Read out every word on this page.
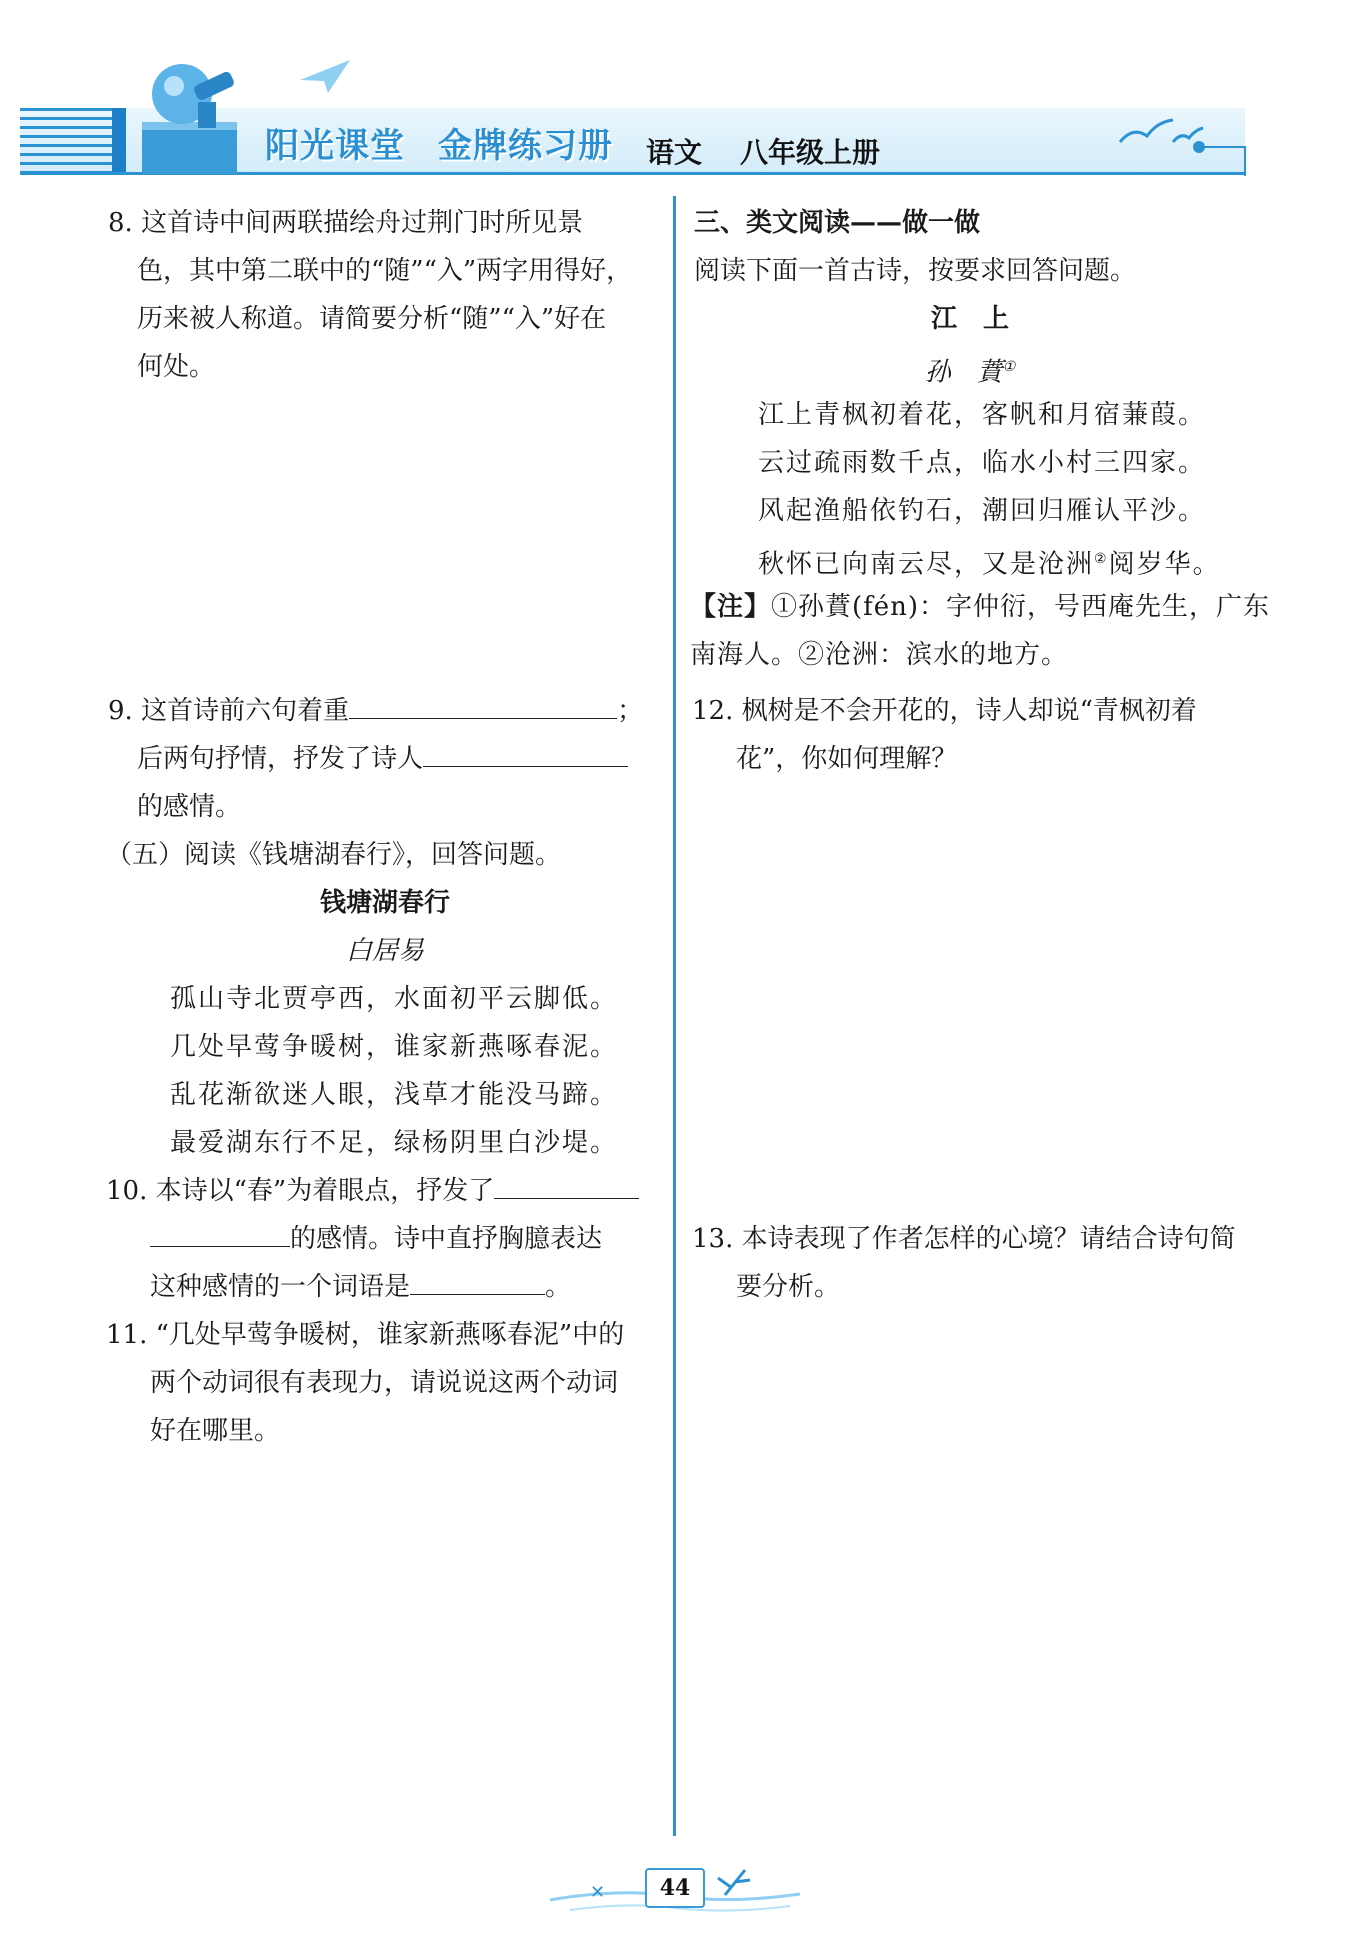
阳光课堂 金牌练习册 语文 八年级上册
8. 这首诗中间两联描绘舟过荆门时所见景
色，其中第二联中的“随”“入”两字用得好，
历来被人称道。请简要分析“随”“入”好在
何处。
9. 这首诗前六句着重	；
后两句抒情，抒发了诗人
的感情。
（五）阅读《钱塘湖春行》，回答问题。
钱塘湖春行
白居易
孤山寺北贾亭西，水面初平云脚低。
几处早莺争暖树，谁家新燕啄春泥。
乱花渐欲迷人眼，浅草才能没马蹄。
最爱湖东行不足，绿杨阴里白沙堤。
10. 本诗以“春”为着眼点，抒发了
的感情。诗中直抒胸臆表达
这种感情的一个词语是	。
11. “几处早莺争暖树，谁家新燕啄春泥”中的
两个动词很有表现力，请说说这两个动词
好在哪里。
三、类文阅读——做一做
阅读下面一首古诗，按要求回答问题。
江　上
孙　蕡①
江上青枫初着花，客帆和月宿蒹葭。
云过疏雨数千点，临水小村三四家。
风起渔船依钓石，潮回归雁认平沙。
秋怀已向南云尽，又是沧洲②阅岁华。
【注】①孙蕡(fén)：字仲衍，号西庵先生，广东
南海人。②沧洲：滨水的地方。
12. 枫树是不会开花的，诗人却说“青枫初着
花”，你如何理解？
13. 本诗表现了作者怎样的心境？请结合诗句简
要分析。
✕	44
